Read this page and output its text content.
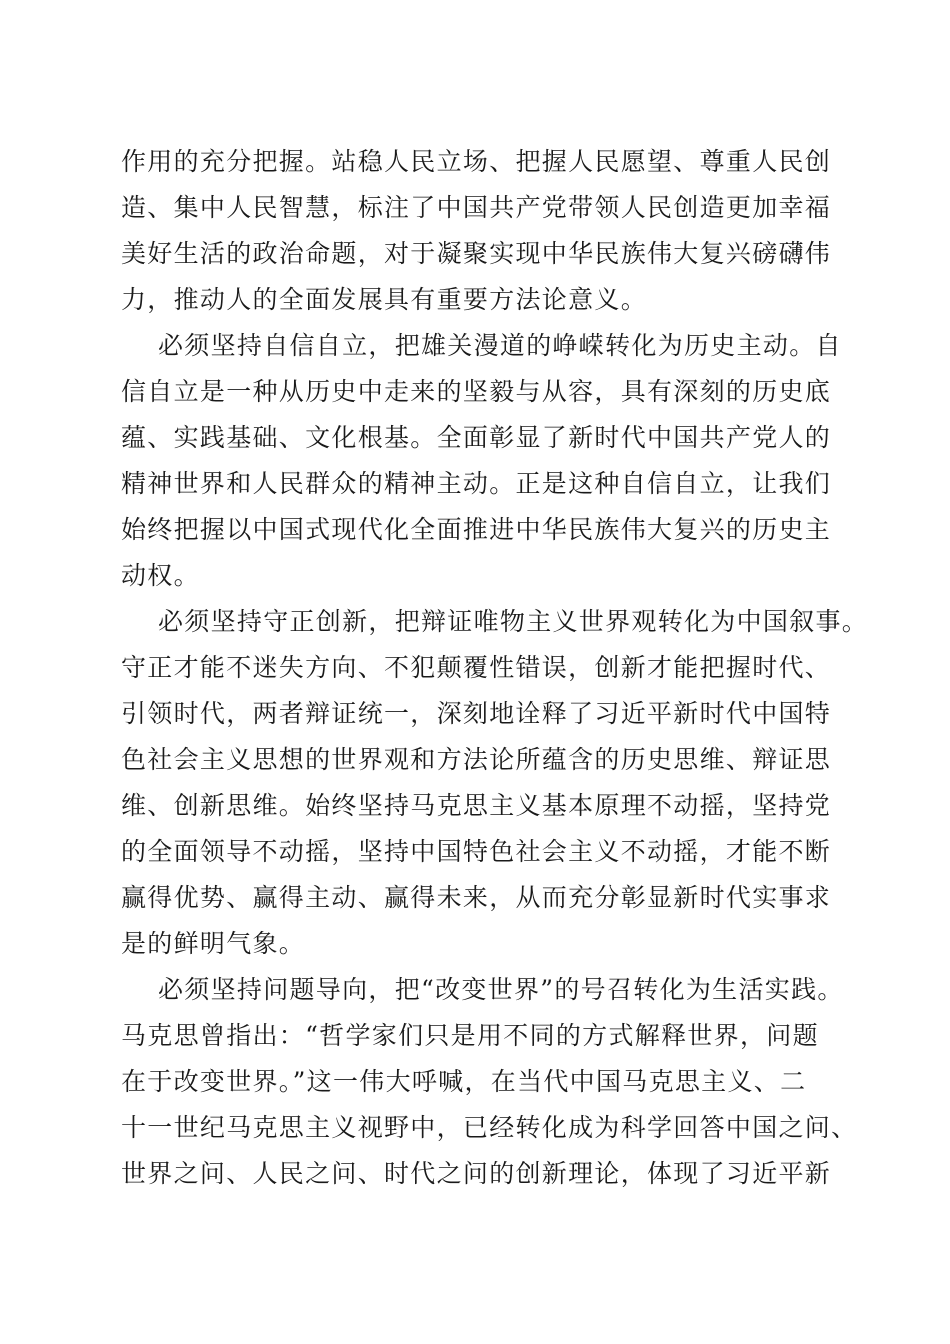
作用的充分把握。站稳人民立场、把握人民愿望、尊重人民创
造、集中人民智慧，标注了中国共产党带领人民创造更加幸福
美好生活的政治命题，对于凝聚实现中华民族伟大复兴磅礴伟
力，推动人的全面发展具有重要方法论意义。
必须坚持自信自立，把雄关漫道的峥嵘转化为历史主动。自
信自立是一种从历史中走来的坚毅与从容，具有深刻的历史底
蕴、实践基础、文化根基。全面彰显了新时代中国共产党人的
精神世界和人民群众的精神主动。正是这种自信自立，让我们
始终把握以中国式现代化全面推进中华民族伟大复兴的历史主
动权。
必须坚持守正创新，把辩证唯物主义世界观转化为中国叙事。
守正才能不迷失方向、不犯颠覆性错误，创新才能把握时代、
引领时代，两者辩证统一，深刻地诠释了习近平新时代中国特
色社会主义思想的世界观和方法论所蕴含的历史思维、辩证思
维、创新思维。始终坚持马克思主义基本原理不动摇，坚持党
的全面领导不动摇，坚持中国特色社会主义不动摇，才能不断
赢得优势、赢得主动、赢得未来，从而充分彰显新时代实事求
是的鲜明气象。
必须坚持问题导向，把“改变世界”的号召转化为生活实践。
马克思曾指出：“哲学家们只是用不同的方式解释世界，问题
在于改变世界。”这一伟大呼喊，在当代中国马克思主义、二
十一世纪马克思主义视野中，已经转化成为科学回答中国之问、
世界之问、人民之问、时代之问的创新理论，体现了习近平新
